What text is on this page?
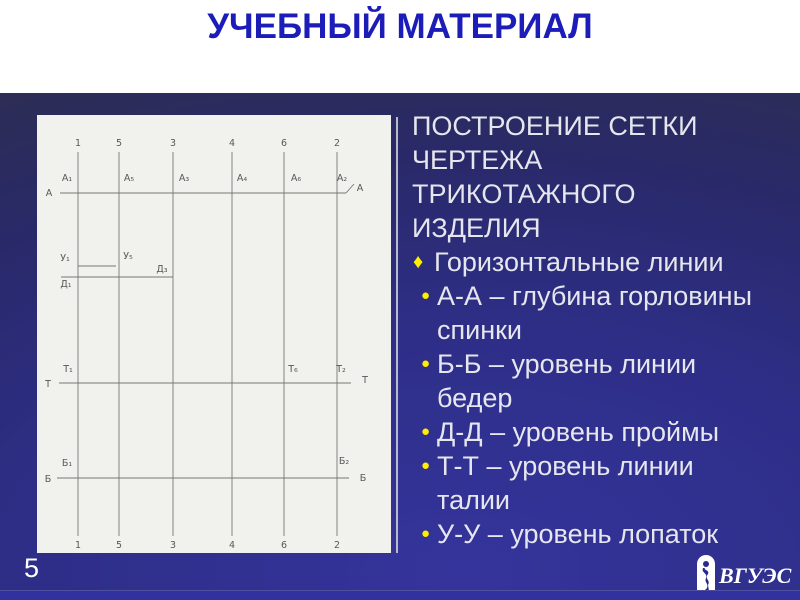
УЧЕБНЫЙ МАТЕРИАЛ
1	5	3	4	6	2
А	А
А₁	А₅	А₃	А₄	А₆	А₂
У₁	У₅
Д₁
Д₃
Т	Т
Т₁	Т₆	Т₂
Б	Б
Б₁	Б₂
1	5	3	4	6	2
ПОСТРОЕНИЕ СЕТКИ
ЧЕРТЕЖА
ТРИКОТАЖНОГО
ИЗДЕЛИЯ
♦ Горизонтальные линии
● А-А – глубина горловины
спинки
● Б-Б – уровень линии
бедер
● Д-Д – уровень проймы
● Т-Т – уровень линии
талии
● У-У – уровень лопаток
5	ВГУЭС
